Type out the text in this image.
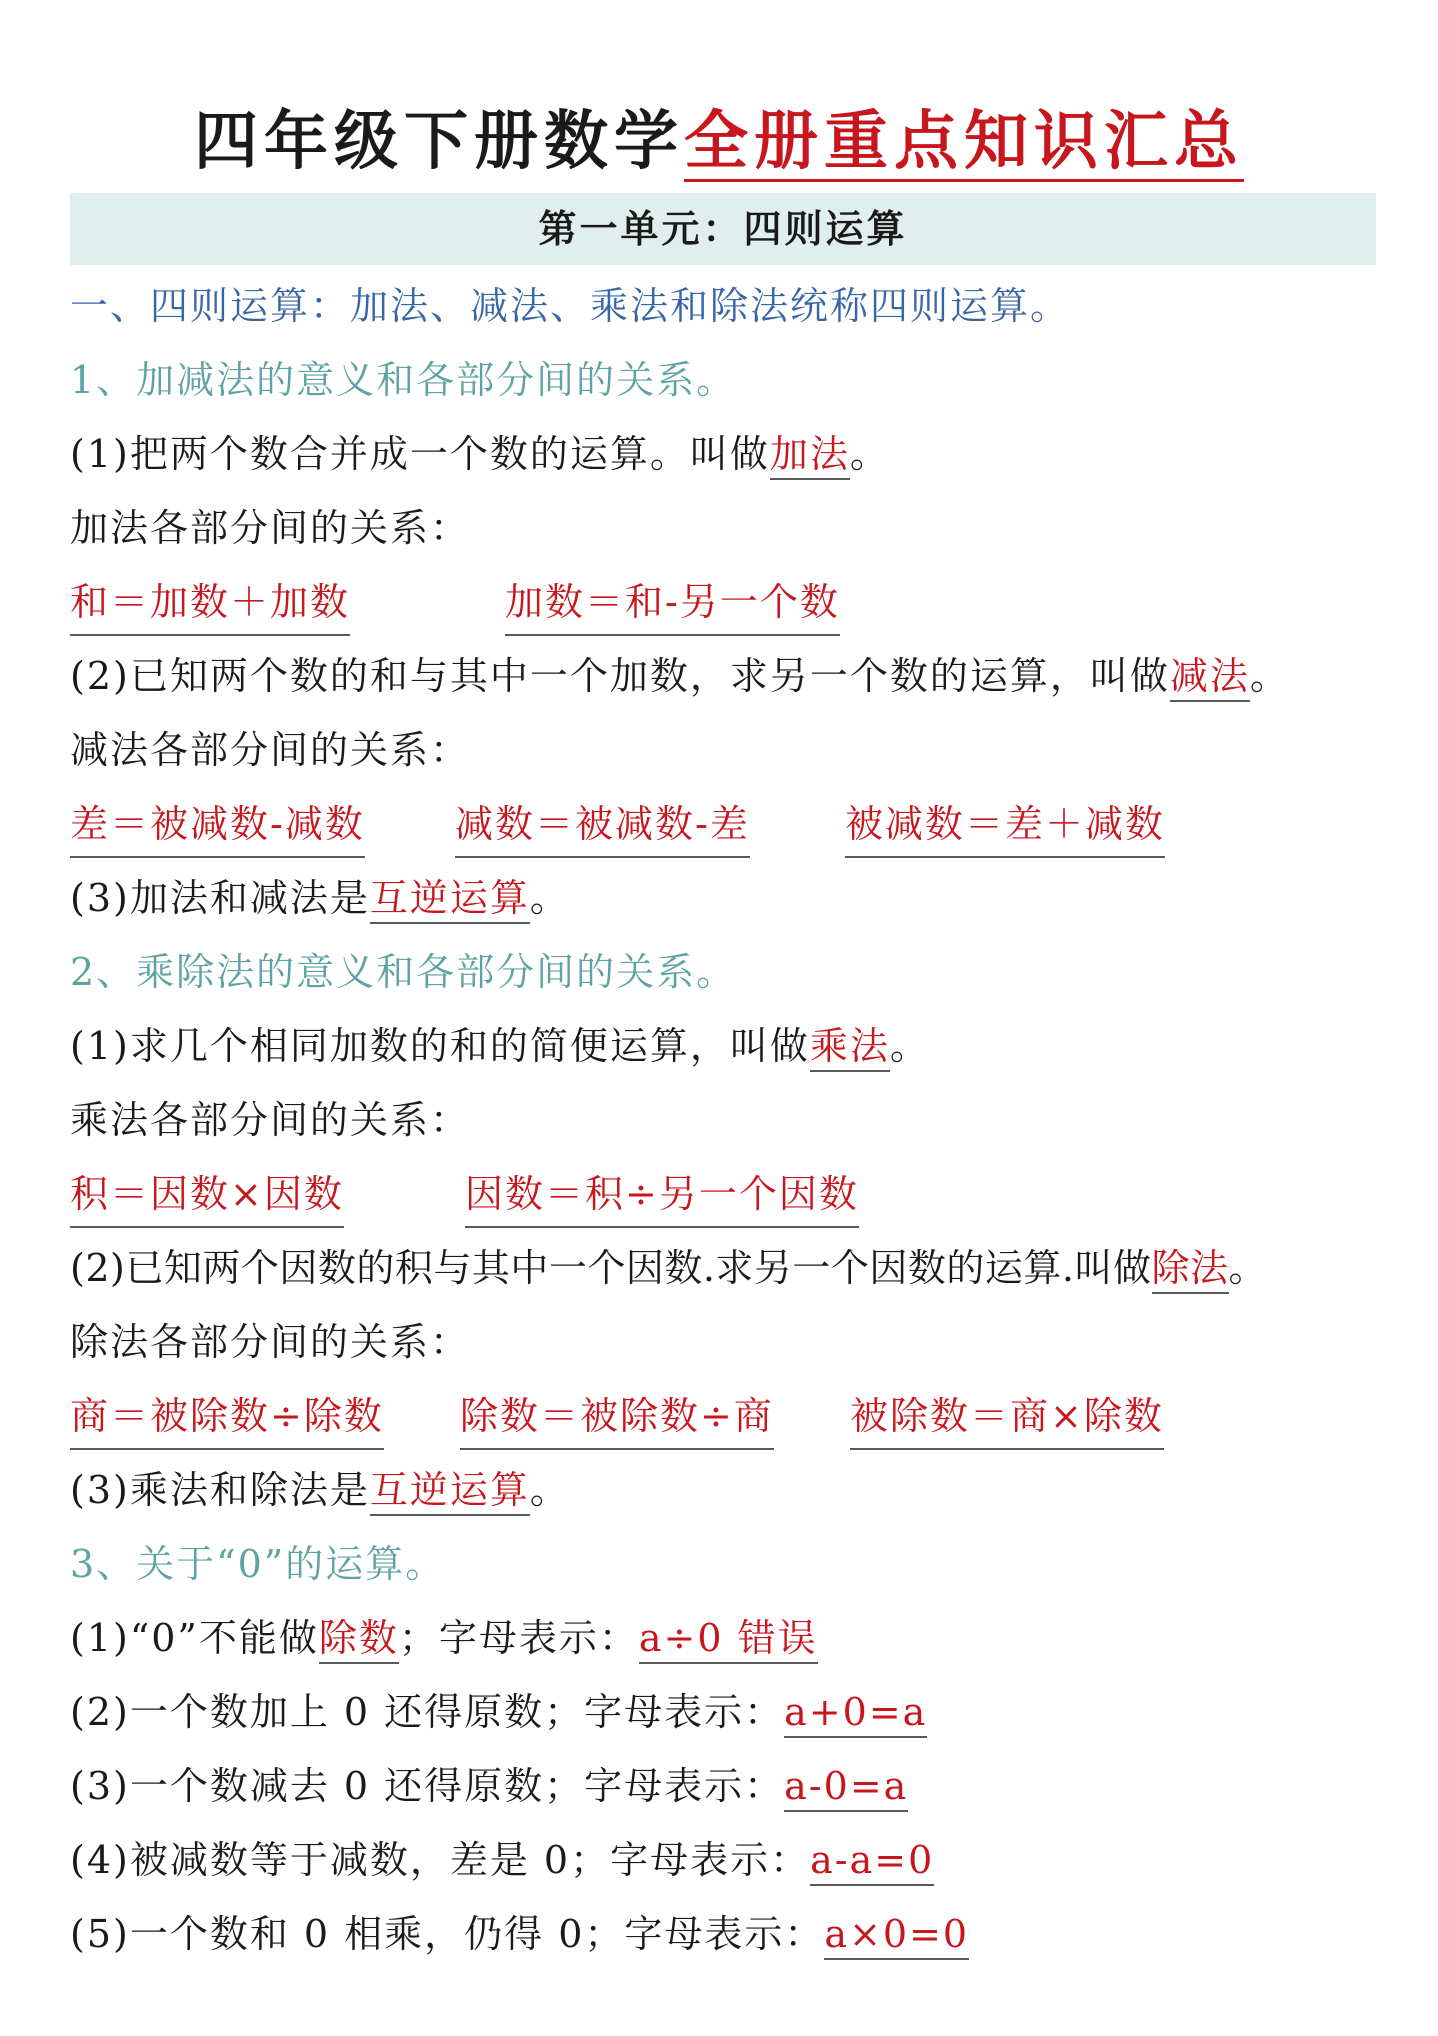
四年级下册数学全册重点知识汇总
第一单元：四则运算
一、四则运算：加法、减法、乘法和除法统称四则运算。
1、加减法的意义和各部分间的关系。
(1)把两个数合并成一个数的运算。叫做加法。
加法各部分间的关系：
和＝加数＋加数	加数＝和-另一个数
(2)已知两个数的和与其中一个加数，求另一个数的运算，叫做减法。
减法各部分间的关系：
差＝被减数-减数 减数＝被减数-差	被减数＝差＋减数
(3)加法和减法是互逆运算。
2、乘除法的意义和各部分间的关系。
(1)求几个相同加数的和的简便运算，叫做乘法。
乘法各部分间的关系：
积＝因数×因数	因数＝积÷另一个因数
(2)已知两个因数的积与其中一个因数.求另一个因数的运算.叫做除法。
除法各部分间的关系：
商＝被除数÷除数 除数＝被除数÷商 被除数＝商×除数
(3)乘法和除法是互逆运算。
3、关于“0”的运算。
(1)“0”不能做除数；字母表示：a÷0 错误
(2)一个数加上 0 还得原数；字母表示：a+0=a
(3)一个数减去 0 还得原数；字母表示：a-0=a
(4)被减数等于减数，差是 0；字母表示：a-a=0
(5)一个数和 0 相乘，仍得 0；字母表示：a×0=0
